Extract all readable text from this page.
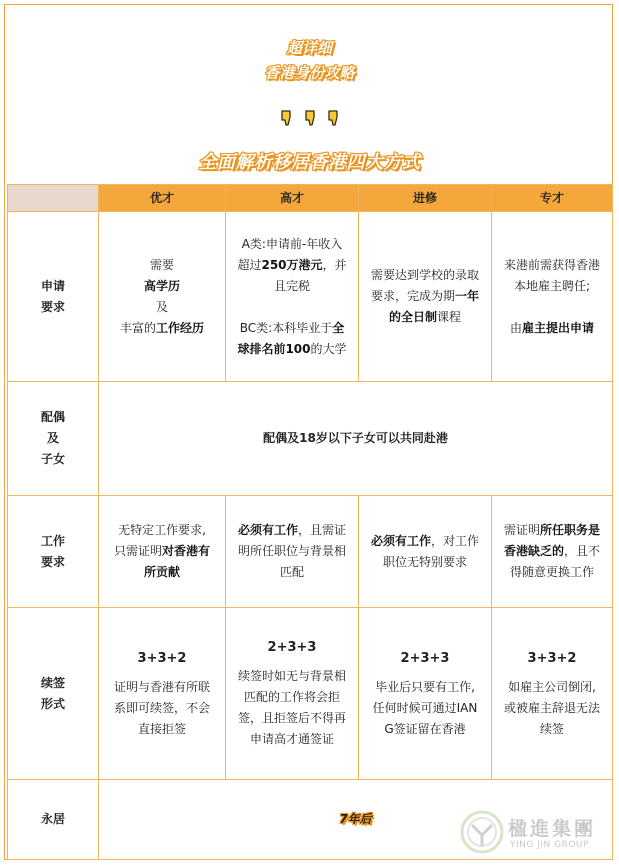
超详细
香港身份攻略

全面解析移居香港四大方式
	优才	高才	进修	专才
申请
要求	需要
高学历
及
丰富的工作经历	A类:申请前-年收入
超过250万港元，并
且完税

BC类:本科毕业于全
球排名前100的大学	需要达到学校的录取
要求，完成为期一年
的全日制课程	来港前需获得香港
本地雇主聘任;

由雇主提出申请
配偶
及
子女	配偶及18岁以下子女可以共同赴港			
工作
要求	无特定工作要求,
只需证明对香港有
所贡献	必须有工作，且需证
明所任职位与背景相
匹配	必须有工作，对工作
职位无特别要求	需证明所任职务是
香港缺乏的，且不
得随意更换工作
续签
形式	3+3+2
证明与香港有所联
系即可续签，不会
直接拒签	2+3+3
续签时如无与背景相
匹配的工作将会拒
签，且拒签后不得再
申请高才通签证	2+3+3
毕业后只要有工作,
任何时候可通过IAN
G签证留在香港	3+3+2
如雇主公司倒闭,
或被雇主辞退无法
续签
永居	7年后				楹進集團
YING JIN GROUP
